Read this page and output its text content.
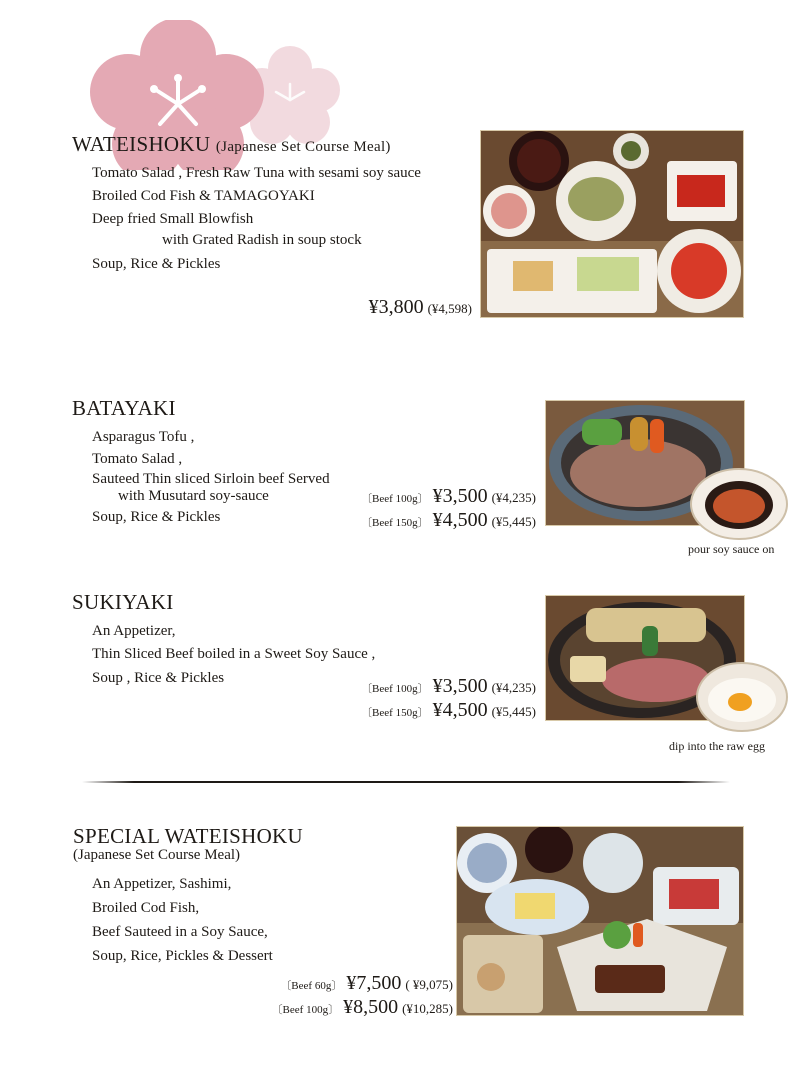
WATEISHOKU (Japanese Set Course Meal)
Tomato Salad , Fresh Raw Tuna with sesami soy sauce
Broiled Cod Fish & TAMAGOYAKI
Deep fried Small Blowfish
with Grated Radish in soup stock
Soup, Rice & Pickles
¥3,800 (¥4,598)
BATAYAKI
Asparagus Tofu ,
Tomato Salad ,
Sauteed Thin sliced Sirloin beef Served
with Musutard soy-sauce
Soup, Rice & Pickles
〔Beef 100g〕 ¥3,500 (¥4,235)
〔Beef 150g〕 ¥4,500 (¥5,445)
pour soy sauce on
SUKIYAKI
An Appetizer,
Thin Sliced Beef boiled in a Sweet Soy Sauce ,
Soup , Rice & Pickles
〔Beef 100g〕 ¥3,500 (¥4,235)
〔Beef 150g〕 ¥4,500 (¥5,445)
dip into the raw egg
SPECIAL WATEISHOKU
(Japanese Set Course Meal)
An Appetizer, Sashimi,
Broiled Cod Fish,
Beef Sauteed in a Soy Sauce,
Soup, Rice, Pickles & Dessert
〔Beef 60g〕 ¥7,500 ( ¥9,075)
〔Beef 100g〕 ¥8,500 (¥10,285)
